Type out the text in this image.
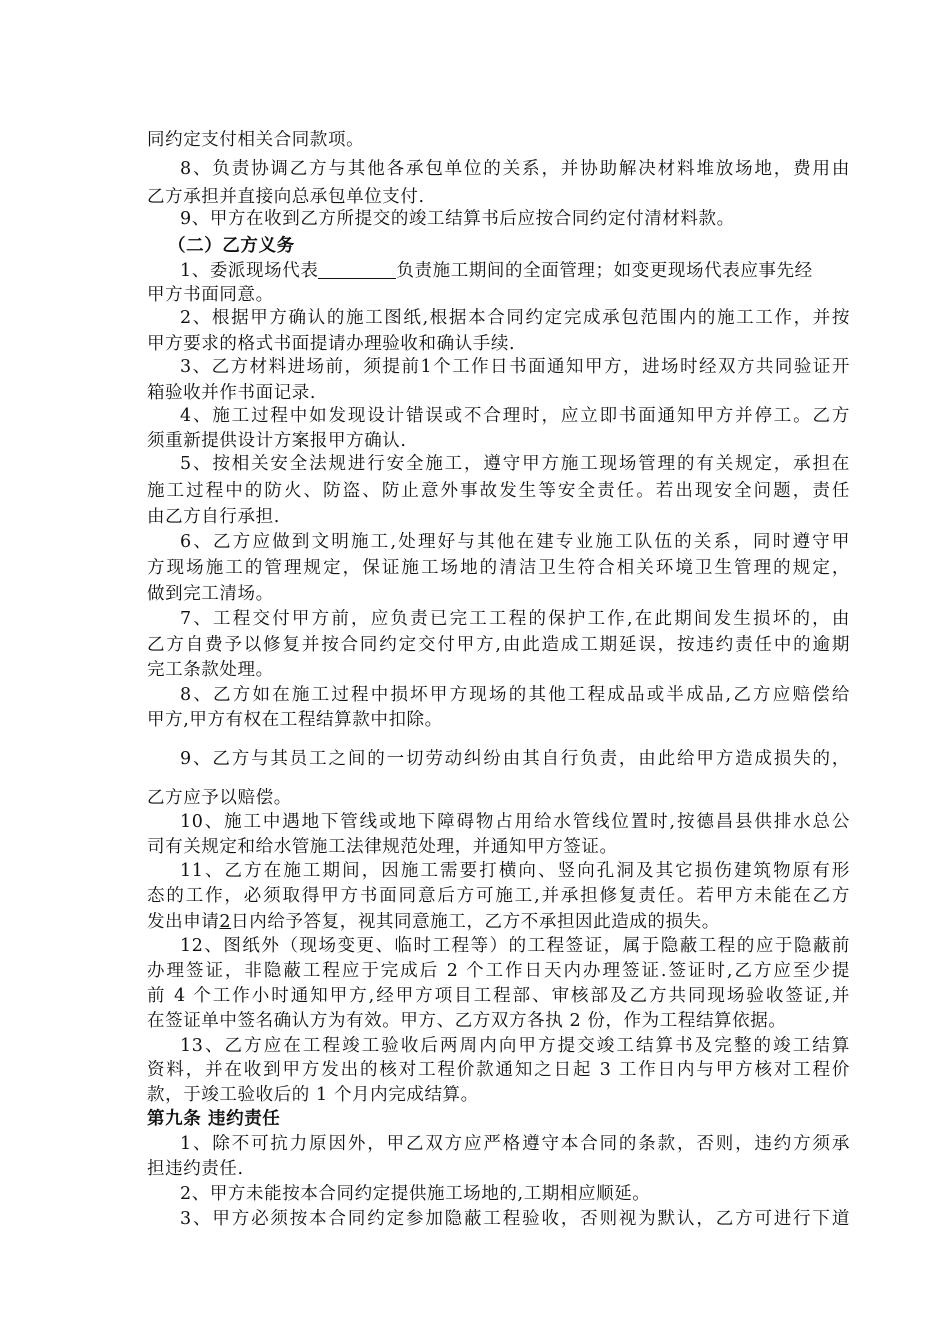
同约定支付相关合同款项。
8、负责协调乙方与其他各承包单位的关系，并协助解决材料堆放场地，费用由
乙方承担并直接向总承包单位支付.
9、甲方在收到乙方所提交的竣工结算书后应按合同约定付清材料款。
（二）乙方义务
1、委派现场代表	负责施工期间的全面管理；如变更现场代表应事先经
甲方书面同意。
2、根据甲方确认的施工图纸,根据本合同约定完成承包范围内的施工工作，并按
甲方要求的格式书面提请办理验收和确认手续.
3、乙方材料进场前，须提前1个工作日书面通知甲方，进场时经双方共同验证开
箱验收并作书面记录.
4、施工过程中如发现设计错误或不合理时，应立即书面通知甲方并停工。乙方
须重新提供设计方案报甲方确认.
5、按相关安全法规进行安全施工，遵守甲方施工现场管理的有关规定，承担在
施工过程中的防火、防盗、防止意外事故发生等安全责任。若出现安全问题，责任
由乙方自行承担.
6、乙方应做到文明施工,处理好与其他在建专业施工队伍的关系，同时遵守甲
方现场施工的管理规定，保证施工场地的清洁卫生符合相关环境卫生管理的规定，
做到完工清场。
7、工程交付甲方前，应负责已完工工程的保护工作,在此期间发生损坏的，由
乙方自费予以修复并按合同约定交付甲方,由此造成工期延误，按违约责任中的逾期
完工条款处理。
8、乙方如在施工过程中损坏甲方现场的其他工程成品或半成品,乙方应赔偿给
甲方,甲方有权在工程结算款中扣除。
9、乙方与其员工之间的一切劳动纠纷由其自行负责，由此给甲方造成损失的，
乙方应予以赔偿。
10、施工中遇地下管线或地下障碍物占用给水管线位置时,按德昌县供排水总公
司有关规定和给水管施工法律规范处理，并通知甲方签证。
11、乙方在施工期间，因施工需要打横向、竖向孔洞及其它损伤建筑物原有形
态的工作，必须取得甲方书面同意后方可施工,并承担修复责任。若甲方未能在乙方
发出申请2日内给予答复，视其同意施工，乙方不承担因此造成的损失。
12、图纸外（现场变更、临时工程等）的工程签证，属于隐蔽工程的应于隐蔽前
办理签证，非隐蔽工程应于完成后 2 个工作日天内办理签证.签证时,乙方应至少提
前 4 个工作小时通知甲方,经甲方项目工程部、审核部及乙方共同现场验收签证,并
在签证单中签名确认方为有效。甲方、乙方双方各执 2 份，作为工程结算依据。
13、乙方应在工程竣工验收后两周内向甲方提交竣工结算书及完整的竣工结算
资料，并在收到甲方发出的核对工程价款通知之日起 3 工作日内与甲方核对工程价
款，于竣工验收后的 1 个月内完成结算。
第九条 违约责任
1、除不可抗力原因外，甲乙双方应严格遵守本合同的条款，否则，违约方须承
担违约责任.
2、甲方未能按本合同约定提供施工场地的,工期相应顺延。
3、甲方必须按本合同约定参加隐蔽工程验收，否则视为默认，乙方可进行下道
